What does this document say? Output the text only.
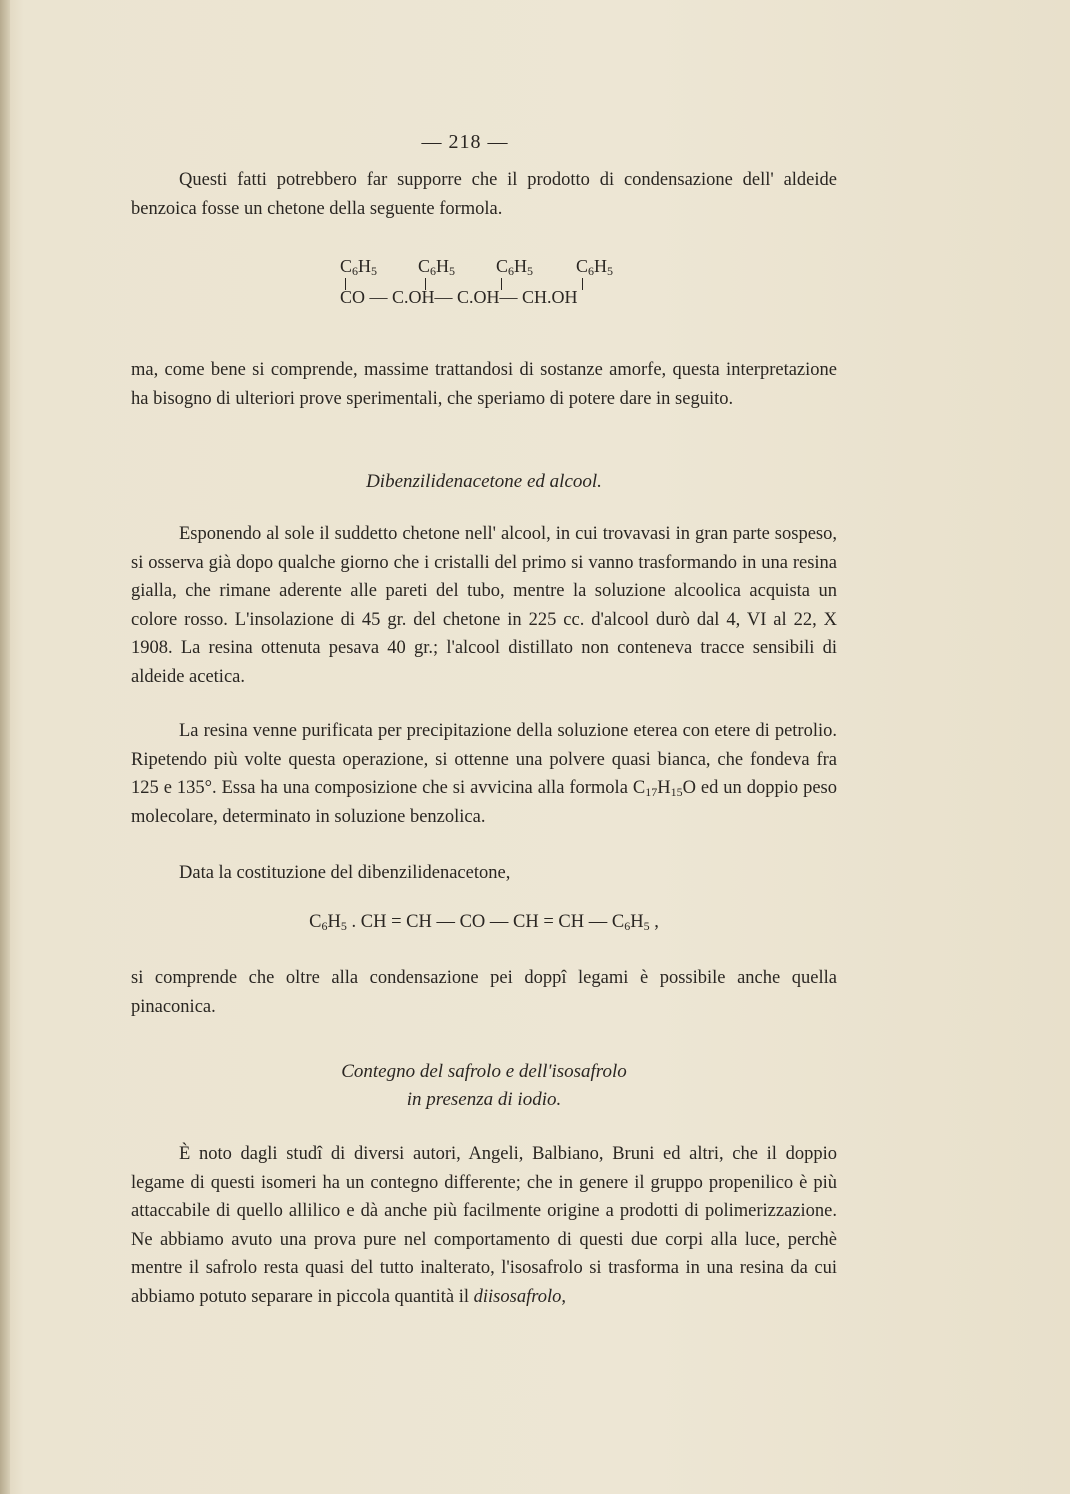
— 218 —
Questi fatti potrebbero far supporre che il prodotto di condensazione dell' aldeide benzoica fosse un chetone della seguente formola.
$C_6H_5$ $C_6H_5$ $C_6H_5$ $C_6H_5$
CO — C.OH— C.OH— CH.OH
ma, come bene si comprende, massime trattandosi di sostanze amorfe, questa interpretazione ha bisogno di ulteriori prove sperimentali, che speriamo di potere dare in seguito.
Dibenzilidenacetone ed alcool.
Esponendo al sole il suddetto chetone nell' alcool, in cui trovavasi in gran parte sospeso, si osserva già dopo qualche giorno che i cristalli del primo si vanno trasformando in una resina gialla, che rimane aderente alle pareti del tubo, mentre la soluzione alcoolica acquista un colore rosso. L'insolazione di 45 gr. del chetone in 225 cc. d'alcool durò dal 4, VI al 22, X 1908. La resina ottenuta pesava 40 gr.; l'alcool distillato non conteneva tracce sensibili di aldeide acetica.
La resina venne purificata per precipitazione della soluzione eterea con etere di petrolio. Ripetendo più volte questa operazione, si ottenne una polvere quasi bianca, che fondeva fra 125 e 135°. Essa ha una composizione che si avvicina alla formola $C_{17}H_{15}O$ ed un doppio peso molecolare, determinato in soluzione benzolica.
Data la costituzione del dibenzilidenacetone,
$C_6H_5$ . CH = CH — CO — CH = CH — $C_6H_5$ ,
si comprende che oltre alla condensazione pei doppî legami è possibile anche quella pinaconica.
Contegno del safrolo e dell'isosafrolo
in presenza di iodio.
È noto dagli studî di diversi autori, Angeli, Balbiano, Bruni ed altri, che il doppio legame di questi isomeri ha un contegno differente; che in genere il gruppo propenilico è più attaccabile di quello allilico e dà anche più facilmente origine a prodotti di polimerizzazione. Ne abbiamo avuto una prova pure nel comportamento di questi due corpi alla luce, perchè mentre il safrolo resta quasi del tutto inalterato, l'isosafrolo si trasforma in una resina da cui abbiamo potuto separare in piccola quantità il diisosafrolo,
